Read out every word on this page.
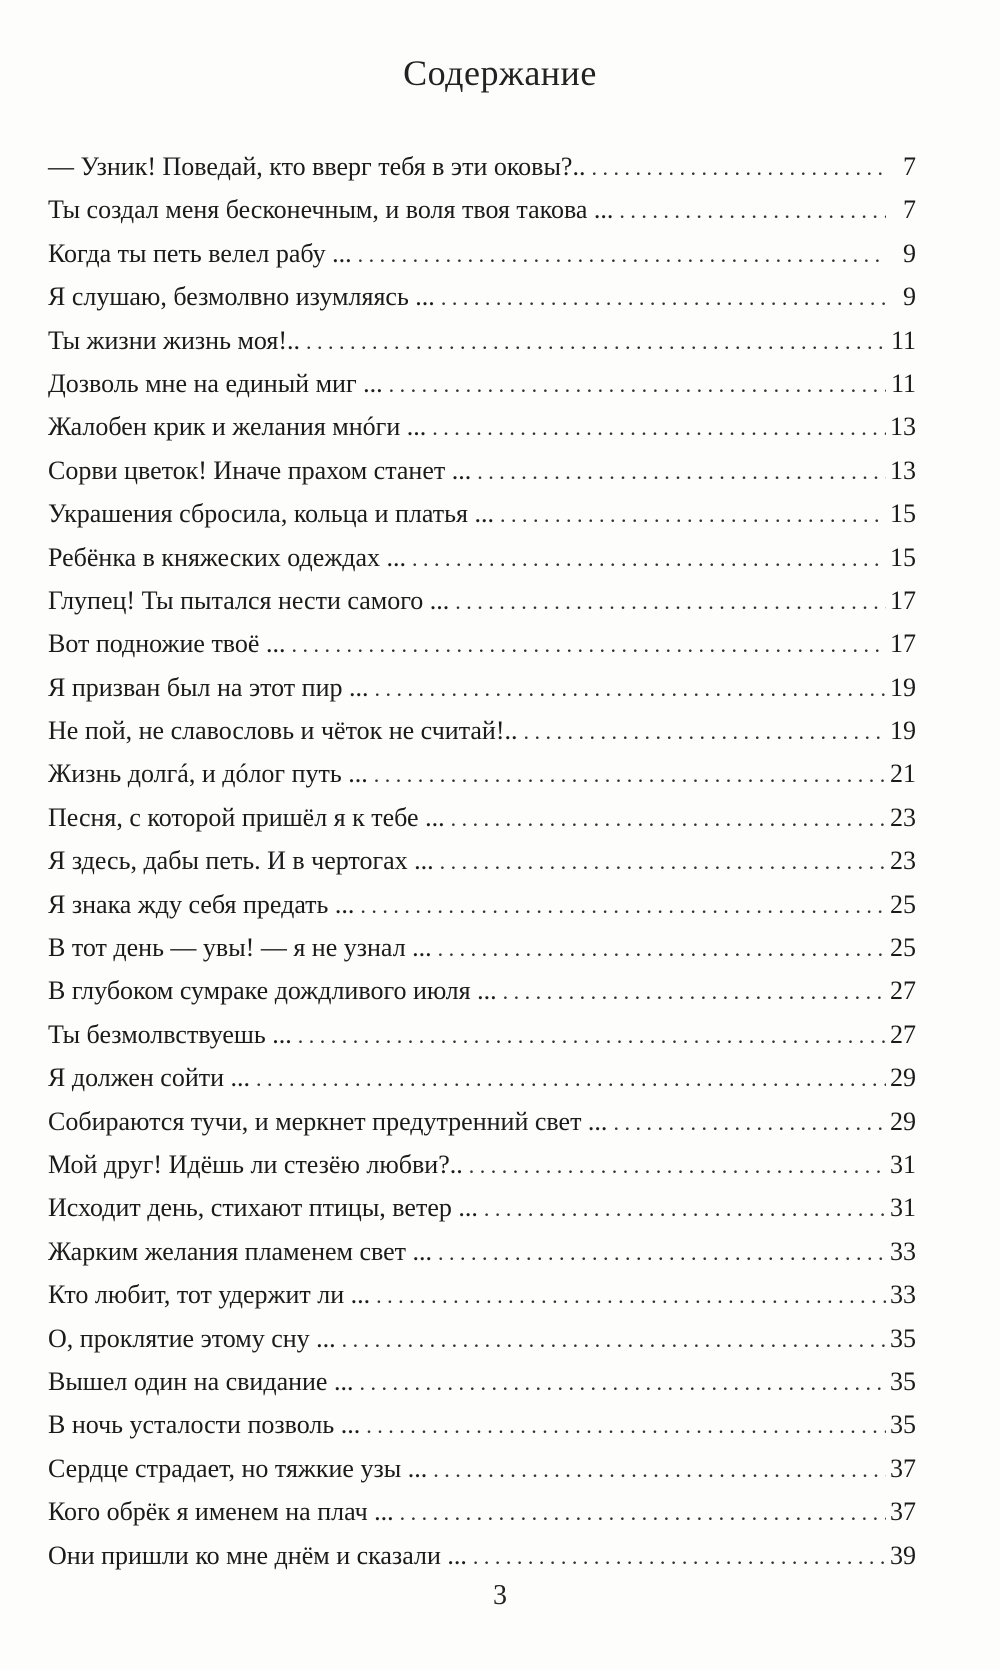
Содержание
— Узник! Поведай, кто вверг тебя в эти оковы?.. . . .	7
Ты создал меня бесконечным, и воля твоя такова ... . . .	7
Когда ты петь велел рабу ... . . .	9
Я слушаю, безмолвно изумляясь ... . . .	9
Ты жизни жизнь моя!.. . . .	11
Дозволь мне на единый миг ... . . .	11
Жалобен крик и желания мнóги ... . . .	13
Сорви цветок! Иначе прахом станет ... . . .	13
Украшения сбросила, кольца и платья ... . . .	15
Ребёнка в княжеских одеждах ... . . .	15
Глупец! Ты пытался нести самого ... . . .	17
Вот подножие твоё ... . . .	17
Я призван был на этот пир ... . . .	19
Не пой, не славословь и чёток не считай!.. . . .	19
Жизнь долгá, и дóлог путь ... . . .	21
Песня, с которой пришёл я к тебе ... . . .	23
Я здесь, дабы петь. И в чертогах ... . . .	23
Я знака жду себя предать ... . . .	25
В тот день — увы! — я не узнал ... . . .	25
В глубоком сумраке дождливого июля ... . . .	27
Ты безмолвствуешь ... . . .	27
Я должен сойти ... . . .	29
Собираются тучи, и меркнет предутренний свет ... . . .	29
Мой друг! Идёшь ли стезёю любви?.. . . .	31
Исходит день, стихают птицы, ветер ... . . .	31
Жарким желания пламенем свет ... . . .	33
Кто любит, тот удержит ли ... . . .	33
О, проклятие этому сну ... . . .	35
Вышел один на свидание ... . . .	35
В ночь усталости позволь ... . . .	35
Сердце страдает, но тяжкие узы ... . . .	37
Кого обрёк я именем на плач ... . . .	37
Они пришли ко мне днём и сказали ... . . .	39
3
